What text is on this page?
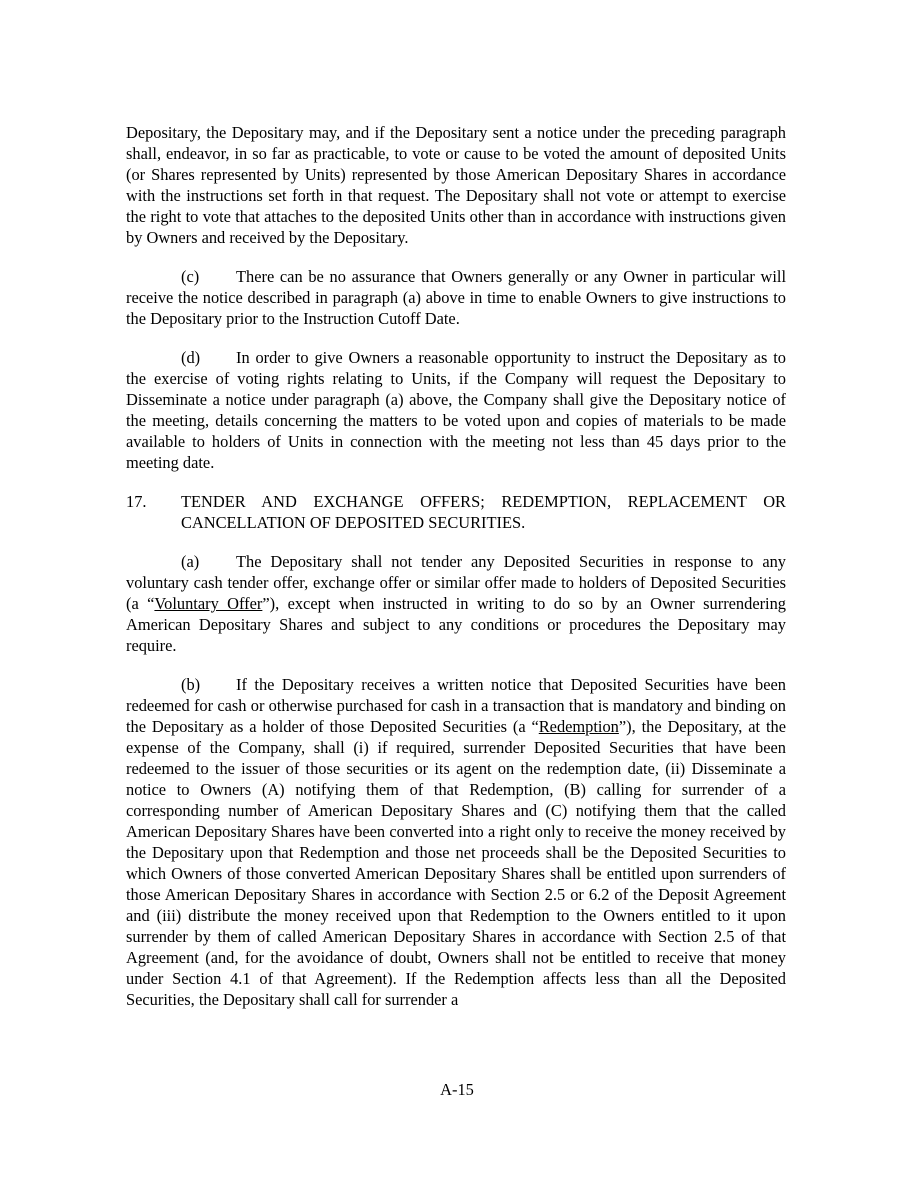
Depositary, the Depositary may, and if the Depositary sent a notice under the preceding paragraph shall, endeavor, in so far as practicable, to vote or cause to be voted the amount of deposited Units (or Shares represented by Units) represented by those American Depositary Shares in accordance with the instructions set forth in that request. The Depositary shall not vote or attempt to exercise the right to vote that attaches to the deposited Units other than in accordance with instructions given by Owners and received by the Depositary.

(c) There can be no assurance that Owners generally or any Owner in particular will receive the notice described in paragraph (a) above in time to enable Owners to give instructions to the Depositary prior to the Instruction Cutoff Date.

(d) In order to give Owners a reasonable opportunity to instruct the Depositary as to the exercise of voting rights relating to Units, if the Company will request the Depositary to Disseminate a notice under paragraph (a) above, the Company shall give the Depositary notice of the meeting, details concerning the matters to be voted upon and copies of materials to be made available to holders of Units in connection with the meeting not less than 45 days prior to the meeting date.

17.	TENDER AND EXCHANGE OFFERS; REDEMPTION, REPLACEMENT OR CANCELLATION OF DEPOSITED SECURITIES.

(a) The Depositary shall not tender any Deposited Securities in response to any voluntary cash tender offer, exchange offer or similar offer made to holders of Deposited Securities (a “Voluntary Offer”), except when instructed in writing to do so by an Owner surrendering American Depositary Shares and subject to any conditions or procedures the Depositary may require.

(b) If the Depositary receives a written notice that Deposited Securities have been redeemed for cash or otherwise purchased for cash in a transaction that is mandatory and binding on the Depositary as a holder of those Deposited Securities (a “Redemption”), the Depositary, at the expense of the Company, shall (i) if required, surrender Deposited Securities that have been redeemed to the issuer of those securities or its agent on the redemption date, (ii) Disseminate a notice to Owners (A) notifying them of that Redemption, (B) calling for surrender of a corresponding number of American Depositary Shares and (C) notifying them that the called American Depositary Shares have been converted into a right only to receive the money received by the Depositary upon that Redemption and those net proceeds shall be the Deposited Securities to which Owners of those converted American Depositary Shares shall be entitled upon surrenders of those American Depositary Shares in accordance with Section 2.5 or 6.2 of the Deposit Agreement and (iii) distribute the money received upon that Redemption to the Owners entitled to it upon surrender by them of called American Depositary Shares in accordance with Section 2.5 of that Agreement (and, for the avoidance of doubt, Owners shall not be entitled to receive that money under Section 4.1 of that Agreement). If the Redemption affects less than all the Deposited Securities, the Depositary shall call for surrender a

A-15
